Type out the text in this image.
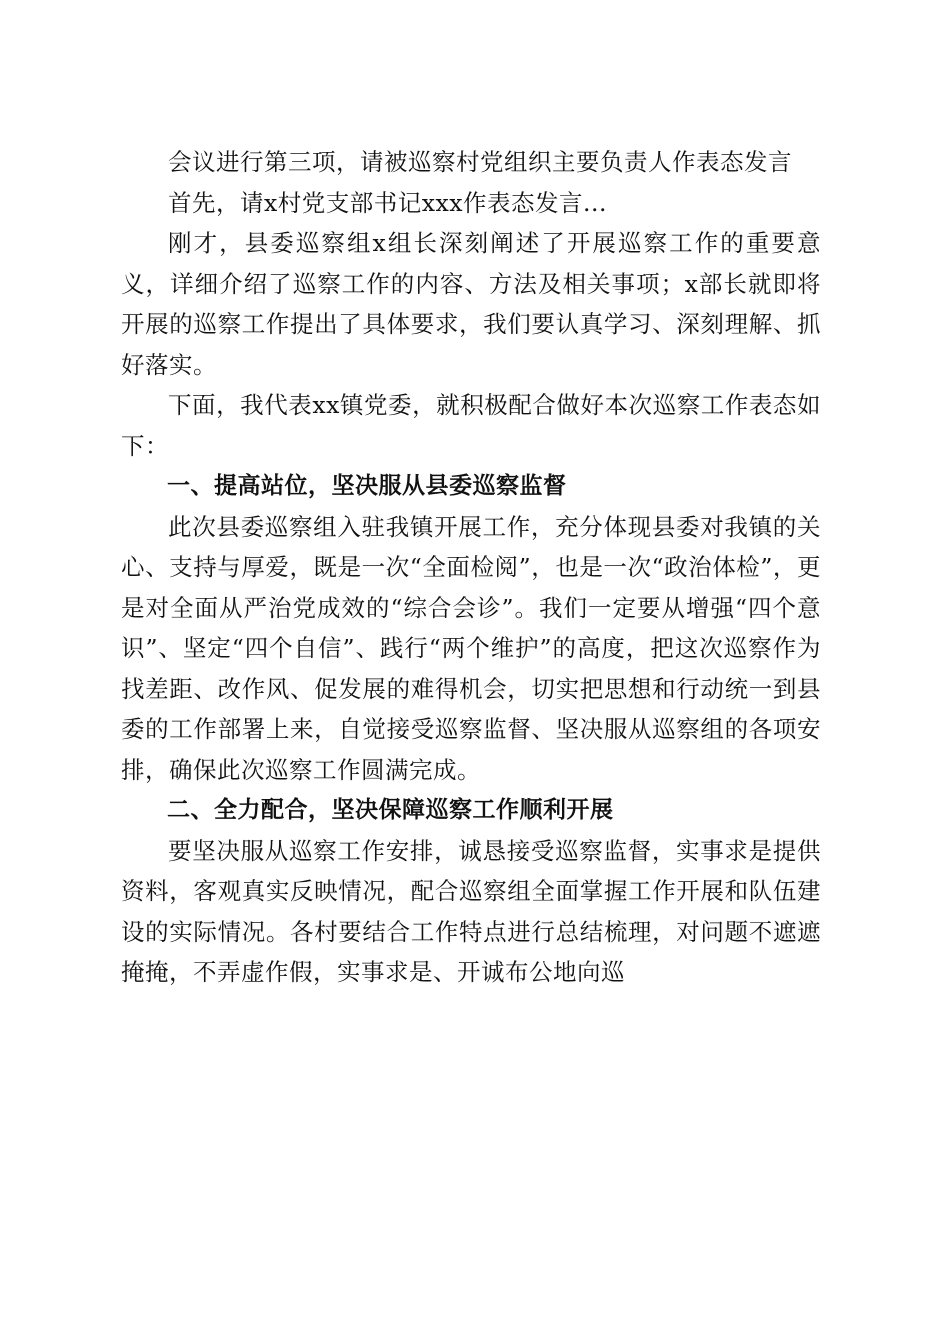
会议进行第三项，请被巡察村党组织主要负责人作表态发言

首先，请x村党支部书记xxx作表态发言...

刚才，县委巡察组x组长深刻阐述了开展巡察工作的重要意义，详细介绍了巡察工作的内容、方法及相关事项；x部长就即将开展的巡察工作提出了具体要求，我们要认真学习、深刻理解、抓好落实。

下面，我代表xx镇党委，就积极配合做好本次巡察工作表态如下：

一、提高站位，坚决服从县委巡察监督

此次县委巡察组入驻我镇开展工作，充分体现县委对我镇的关心、支持与厚爱，既是一次“全面检阅”，也是一次“政治体检”，更是对全面从严治党成效的“综合会诊”。我们一定要从增强“四个意识”、坚定“四个自信”、践行“两个维护”的高度，把这次巡察作为找差距、改作风、促发展的难得机会，切实把思想和行动统一到县委的工作部署上来，自觉接受巡察监督、坚决服从巡察组的各项安排，确保此次巡察工作圆满完成。

二、全力配合，坚决保障巡察工作顺利开展

要坚决服从巡察工作安排，诚恳接受巡察监督，实事求是提供资料，客观真实反映情况，配合巡察组全面掌握工作开展和队伍建设的实际情况。各村要结合工作特点进行总结梳理，对问题不遮遮掩掩，不弄虚作假，实事求是、开诚布公地向巡
